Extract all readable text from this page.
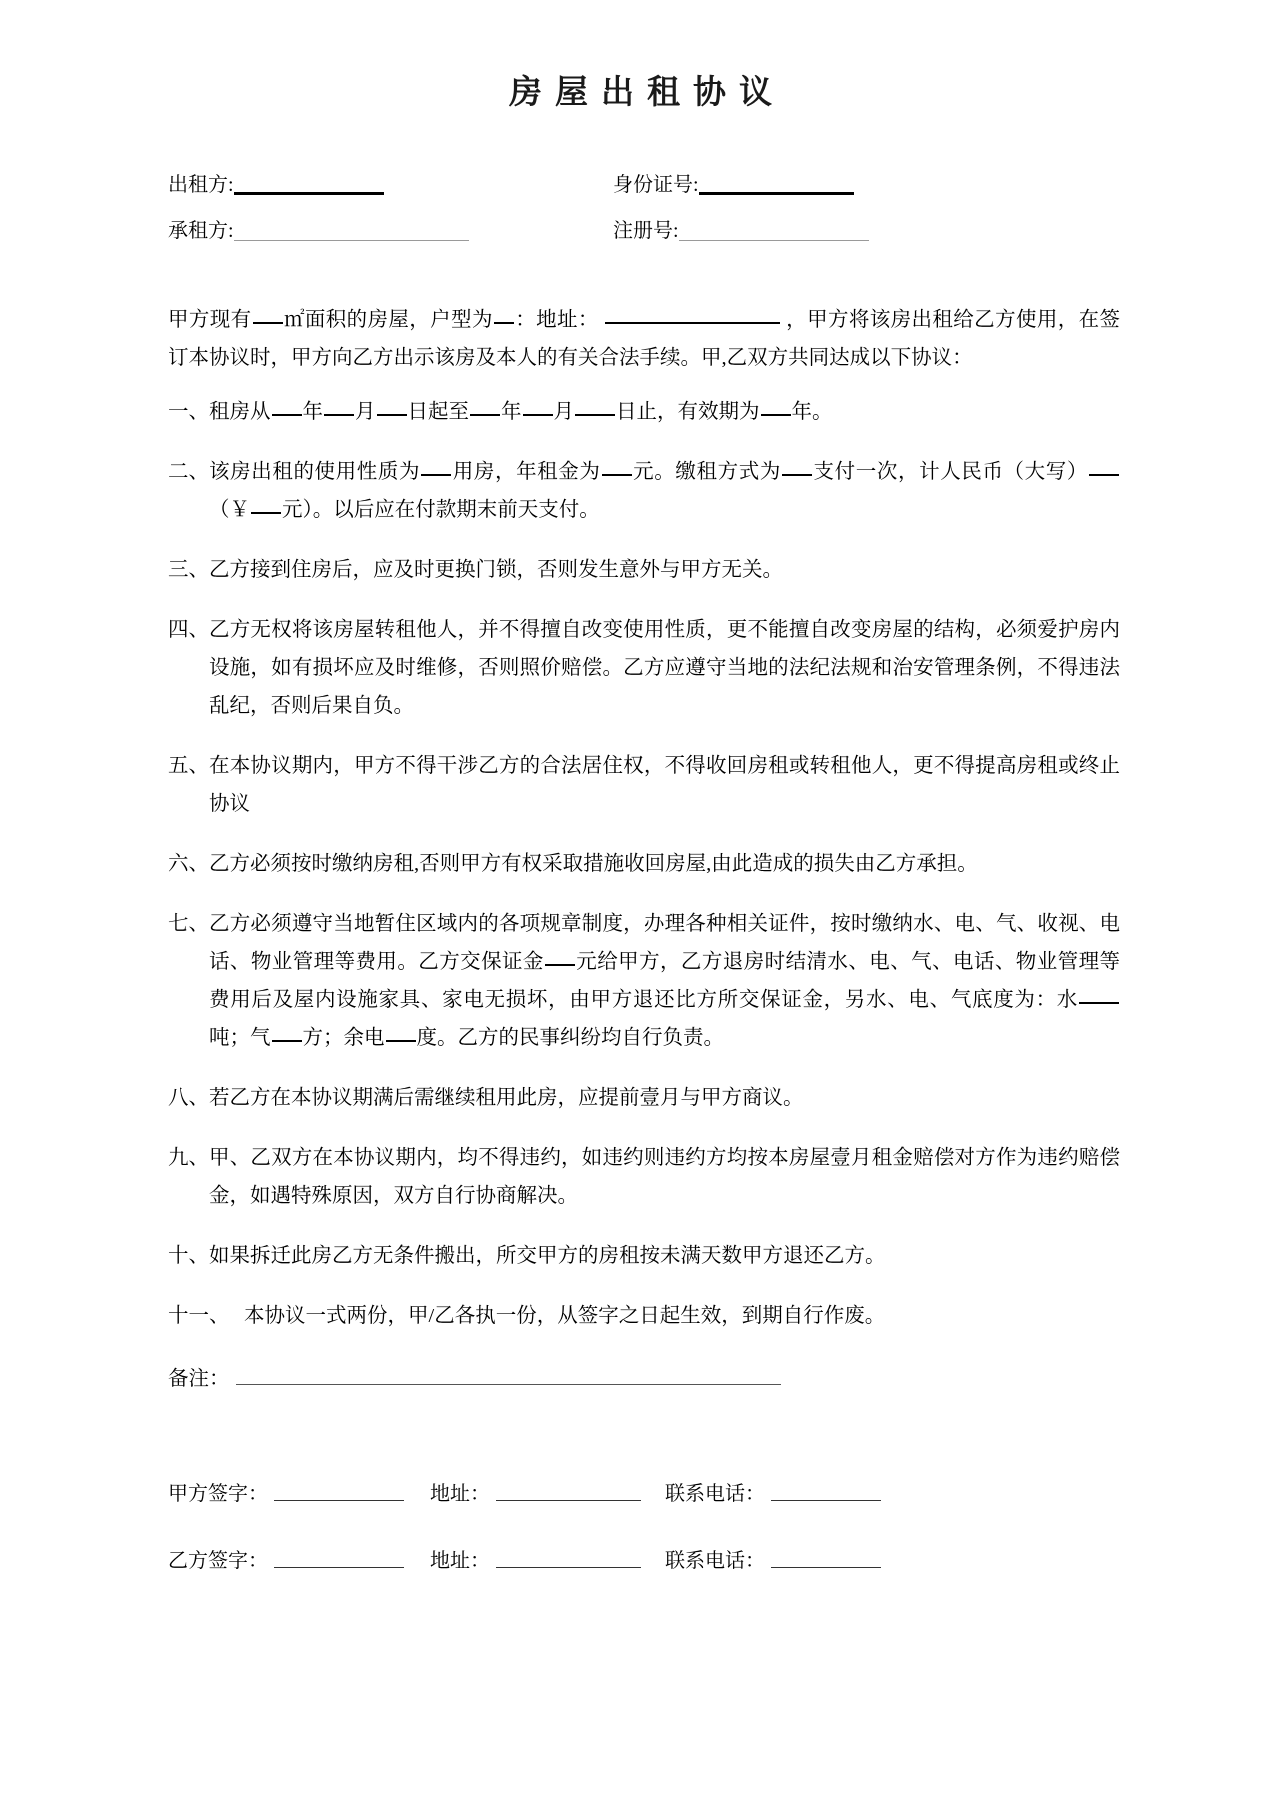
房屋出租协议
出租方:	身份证号:
承租方:	注册号:
甲方现有 ㎡面积的房屋，户型为 ：地址：	，甲方将该房出租给乙方使用，在签订本协议时，甲方向乙方出示该房及本人的有关合法手续。甲,乙双方共同达成以下协议：
一、 租房从 年 月 日起至 年 月 日止，有效期为 年。
二、 该房出租的使用性质为 用房，年租金为 元。缴租方式为 支付一次，计人民币（大写）（￥ 元）。以后应在付款期末前天支付。
三、 乙方接到住房后，应及时更换门锁，否则发生意外与甲方无关。
四、 乙方无权将该房屋转租他人，并不得擅自改变使用性质，更不能擅自改变房屋的结构，必须爱护房内设施，如有损坏应及时维修，否则照价赔偿。乙方应遵守当地的法纪法规和治安管理条例，不得违法乱纪，否则后果自负。
五、 在本协议期内，甲方不得干涉乙方的合法居住权，不得收回房租或转租他人，更不得提高房租或终止协议
六、 乙方必须按时缴纳房租,否则甲方有权采取措施收回房屋,由此造成的损失由乙方承担。
七、 乙方必须遵守当地暂住区域内的各项规章制度，办理各种相关证件，按时缴纳水、电、气、收视、电话、物业管理等费用。乙方交保证金 元给甲方，乙方退房时结清水、电、气、电话、物业管理等费用后及屋内设施家具、家电无损坏，由甲方退还比方所交保证金，另水、电、气底度为：水吨；气 方；余电 度。乙方的民事纠纷均自行负责。
八、 若乙方在本协议期满后需继续租用此房，应提前壹月与甲方商议。
九、 甲、乙双方在本协议期内，均不得违约，如违约则违约方均按本房屋壹月租金赔偿对方作为违约赔偿金，如遇特殊原因，双方自行协商解决。
十、 如果拆迁此房乙方无条件搬出，所交甲方的房租按未满天数甲方退还乙方。
十一、 本协议一式两份，甲/乙各执一份，从签字之日起生效，到期自行作废。
备注：
甲方签字：	地址：	联系电话：
乙方签字：	地址：	联系电话：
